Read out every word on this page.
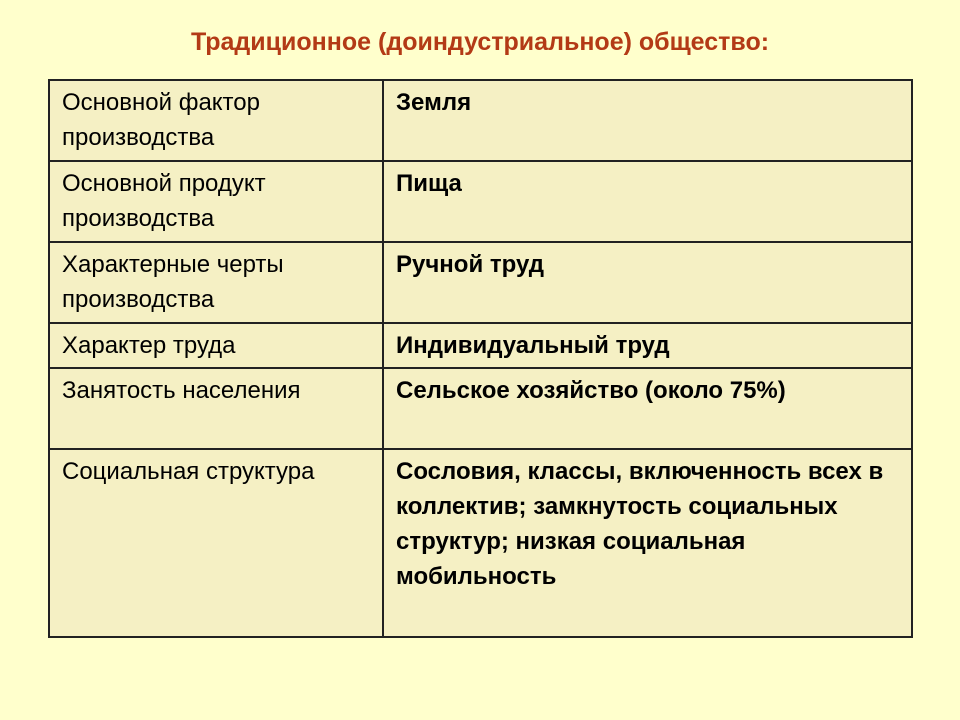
Традиционное (доиндустриальное) общество:
Основной фактор производства	Земля
Основной продукт производства	Пища
Характерные черты производства	Ручной труд
Характер труда	Индивидуальный труд
Занятость населения	Сельское хозяйство (около 75%)
Социальная структура	Сословия, классы, включенность всех в коллектив; замкнутость социальных структур; низкая социальная мобильность
